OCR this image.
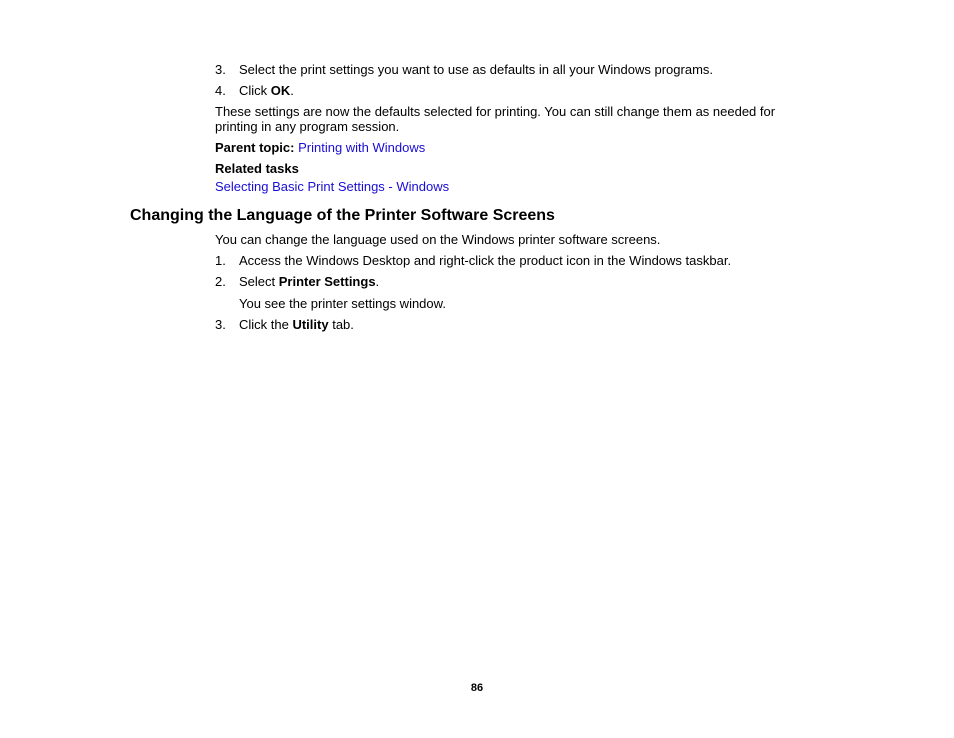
3. Select the print settings you want to use as defaults in all your Windows programs.
4. Click OK.
These settings are now the defaults selected for printing. You can still change them as needed for
printing in any program session.
Parent topic: Printing with Windows
Related tasks
Selecting Basic Print Settings - Windows
Changing the Language of the Printer Software Screens
You can change the language used on the Windows printer software screens.
1. Access the Windows Desktop and right-click the product icon in the Windows taskbar.
2. Select Printer Settings.
You see the printer settings window.
3. Click the Utility tab.
86
